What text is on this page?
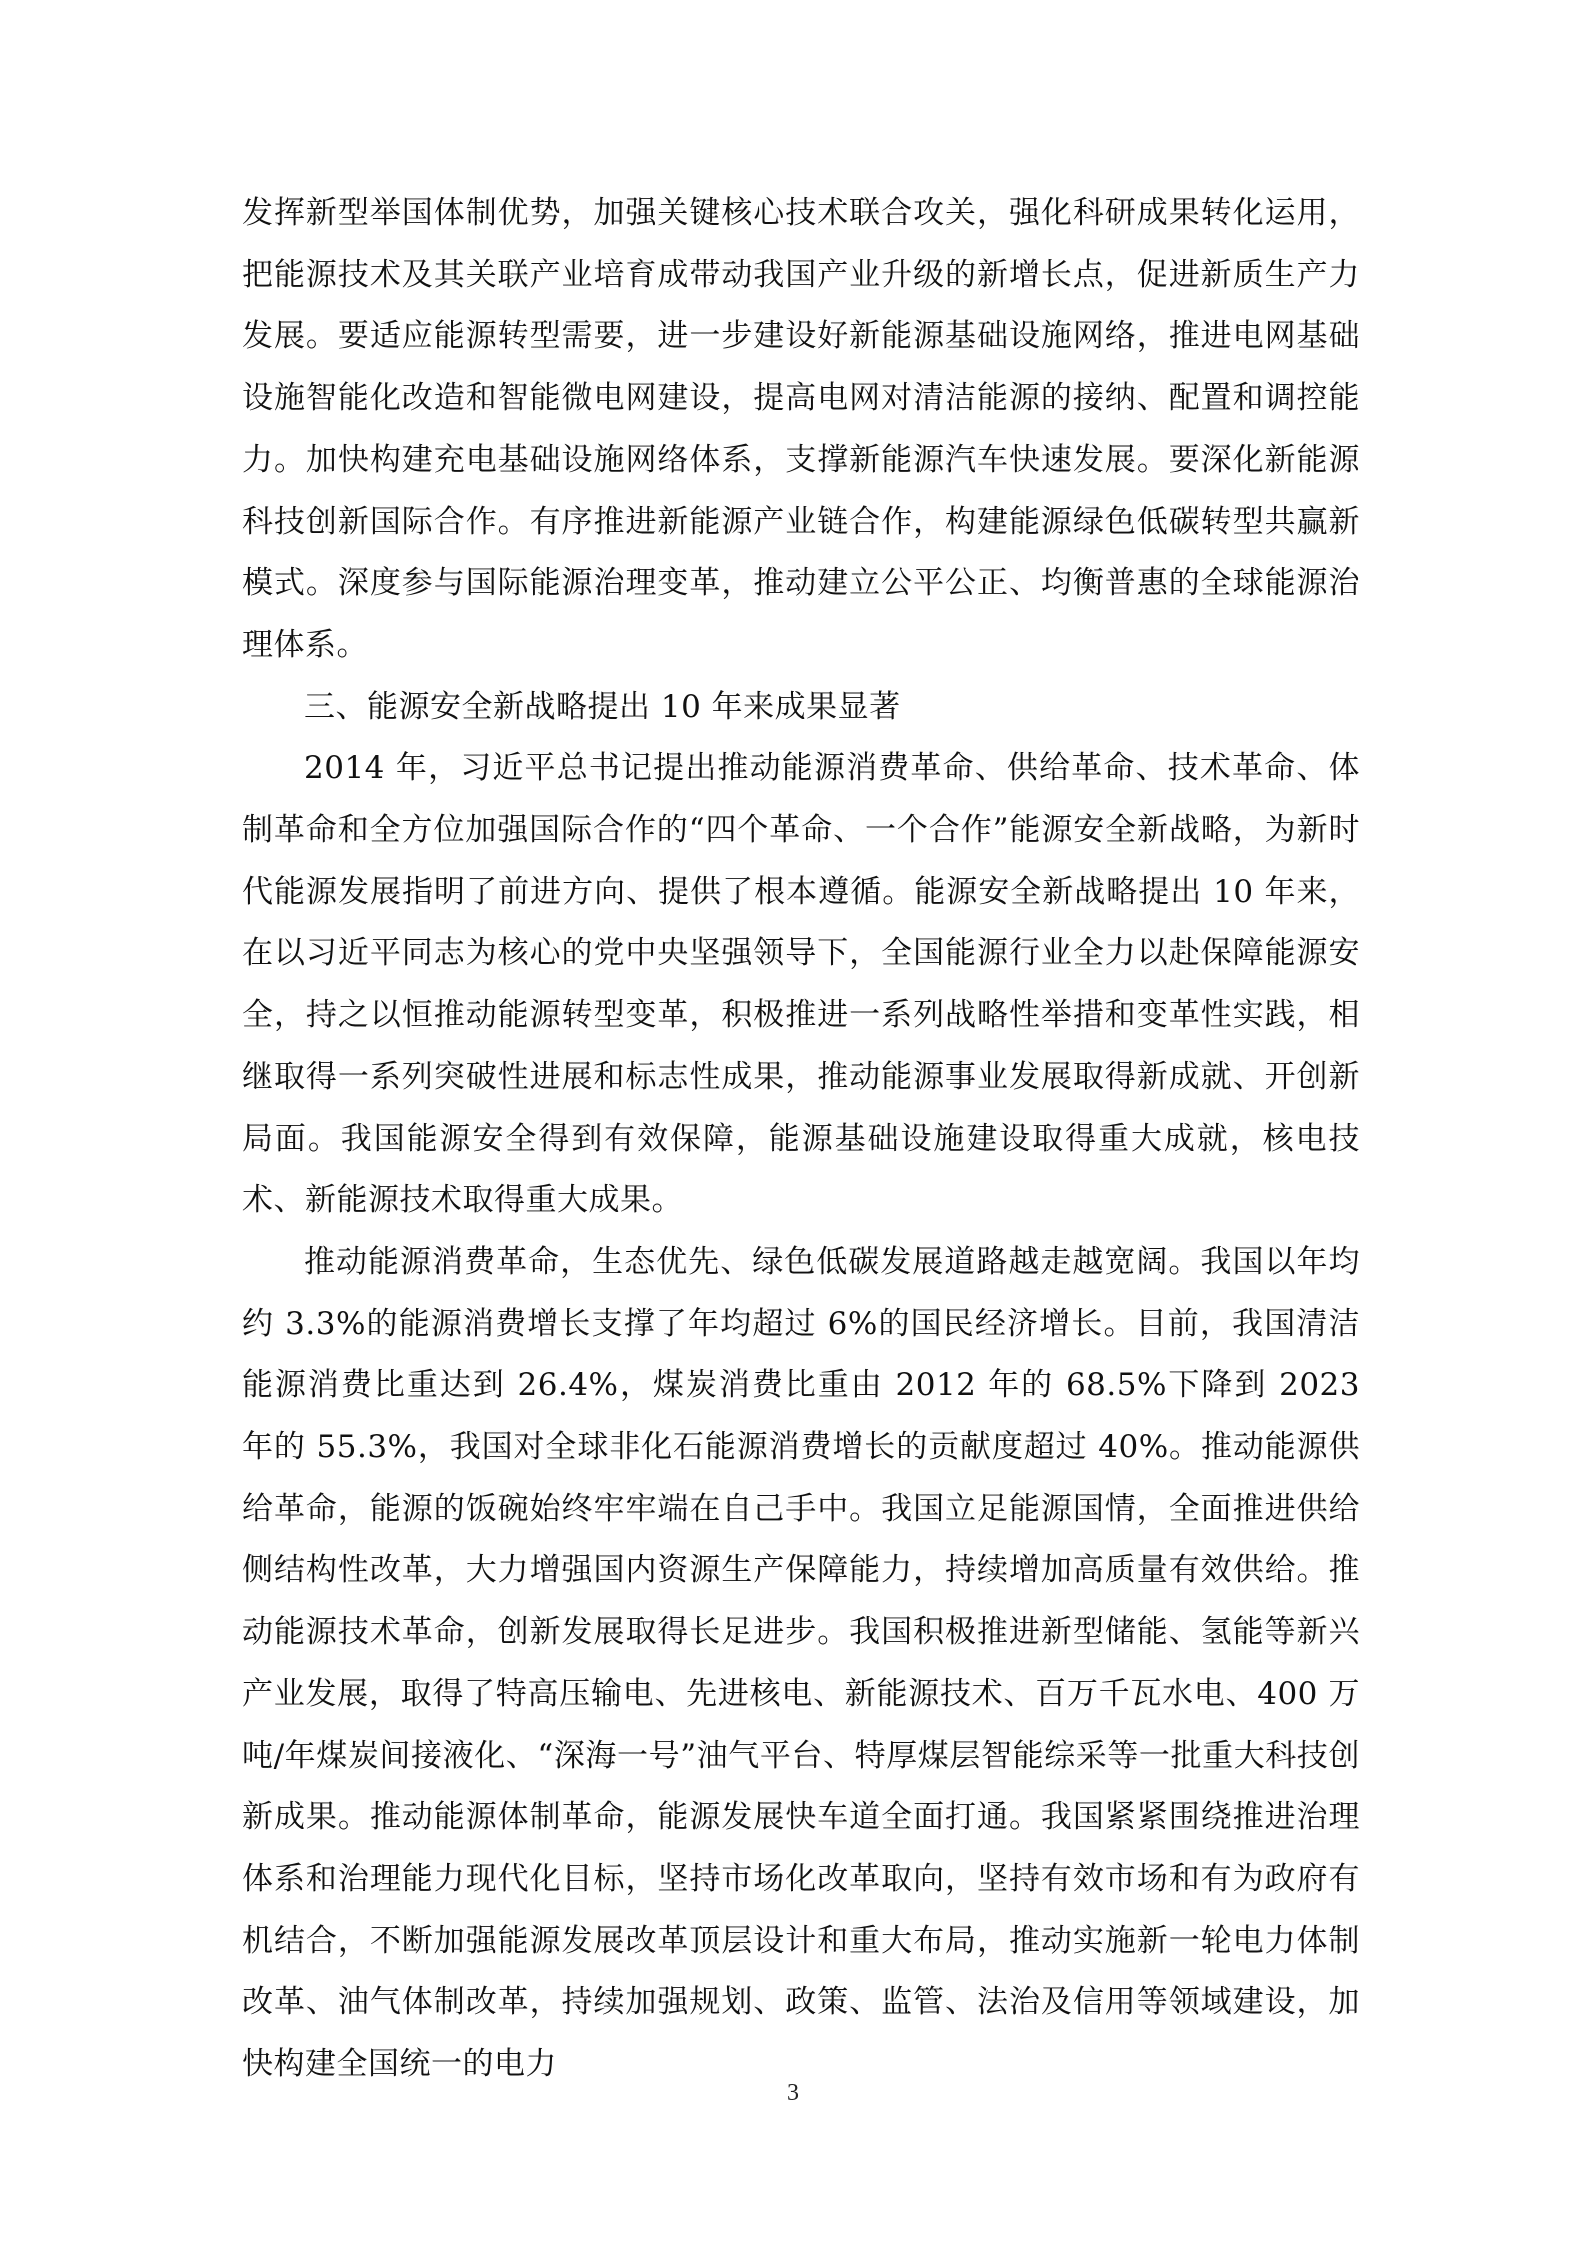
发挥新型举国体制优势，加强关键核心技术联合攻关，强化科研成果转化运用，把能源技术及其关联产业培育成带动我国产业升级的新增长点，促进新质生产力发展。要适应能源转型需要，进一步建设好新能源基础设施网络，推进电网基础设施智能化改造和智能微电网建设，提高电网对清洁能源的接纳、配置和调控能力。加快构建充电基础设施网络体系，支撑新能源汽车快速发展。要深化新能源科技创新国际合作。有序推进新能源产业链合作，构建能源绿色低碳转型共赢新模式。深度参与国际能源治理变革，推动建立公平公正、均衡普惠的全球能源治理体系。

三、能源安全新战略提出 10 年来成果显著

2014 年，习近平总书记提出推动能源消费革命、供给革命、技术革命、体制革命和全方位加强国际合作的“四个革命、一个合作”能源安全新战略，为新时代能源发展指明了前进方向、提供了根本遵循。能源安全新战略提出 10 年来，在以习近平同志为核心的党中央坚强领导下，全国能源行业全力以赴保障能源安全，持之以恒推动能源转型变革，积极推进一系列战略性举措和变革性实践，相继取得一系列突破性进展和标志性成果，推动能源事业发展取得新成就、开创新局面。我国能源安全得到有效保障，能源基础设施建设取得重大成就，核电技术、新能源技术取得重大成果。

推动能源消费革命，生态优先、绿色低碳发展道路越走越宽阔。我国以年均约 3.3%的能源消费增长支撑了年均超过 6%的国民经济增长。目前，我国清洁能源消费比重达到 26.4%，煤炭消费比重由 2012 年的 68.5%下降到 2023 年的 55.3%，我国对全球非化石能源消费增长的贡献度超过 40%。推动能源供给革命，能源的饭碗始终牢牢端在自己手中。我国立足能源国情，全面推进供给侧结构性改革，大力增强国内资源生产保障能力，持续增加高质量有效供给。推动能源技术革命，创新发展取得长足进步。我国积极推进新型储能、氢能等新兴产业发展，取得了特高压输电、先进核电、新能源技术、百万千瓦水电、400 万吨/年煤炭间接液化、“深海一号”油气平台、特厚煤层智能综采等一批重大科技创新成果。推动能源体制革命，能源发展快车道全面打通。我国紧紧围绕推进治理体系和治理能力现代化目标，坚持市场化改革取向，坚持有效市场和有为政府有机结合，不断加强能源发展改革顶层设计和重大布局，推动实施新一轮电力体制改革、油气体制改革，持续加强规划、政策、监管、法治及信用等领域建设，加快构建全国统一的电力

3
